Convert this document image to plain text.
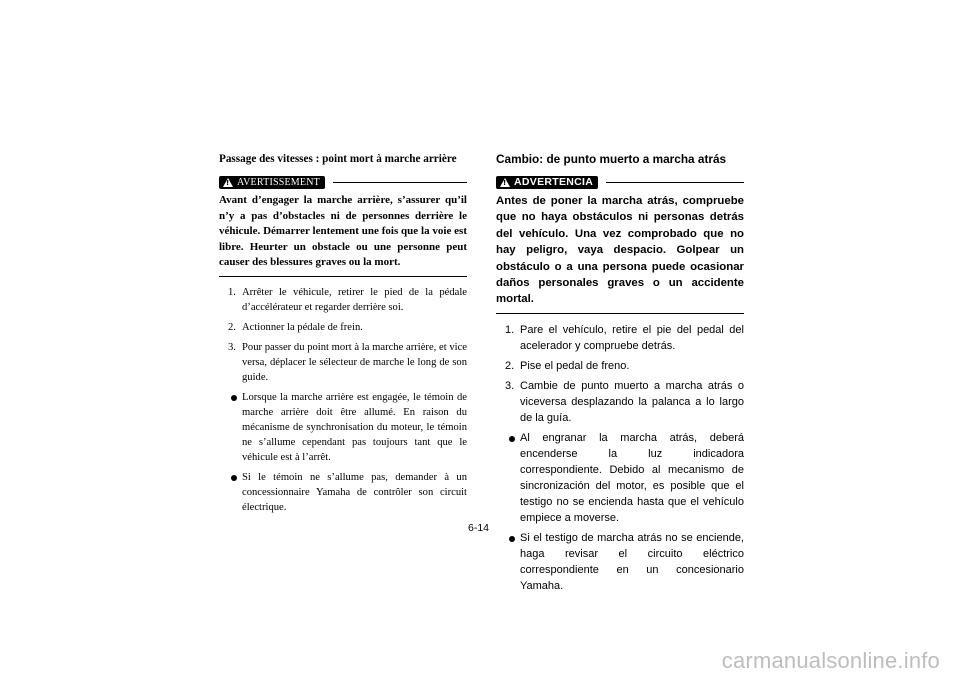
Passage des vitesses : point mort à marche arrière
!
AVERTISSEMENT
Avant d’engager la marche arrière, s’assurer qu’il n’y a pas d’obstacles ni de personnes derrière le véhicule. Démarrer lentement une fois que la voie est libre. Heurter un obstacle ou une personne peut causer des blessures graves ou la mort.
1. Arrêter le véhicule, retirer le pied de la pédale d’accélérateur et regarder derrière soi.
2. Actionner la pédale de frein.
3. Pour passer du point mort à la marche arrière, et vice versa, déplacer le sélecteur de marche le long de son guide.
Lorsque la marche arrière est engagée, le témoin de marche arrière doit être allumé. En raison du mécanisme de synchronisation du moteur, le témoin ne s’allume cependant pas toujours tant que le véhicule est à l’arrêt.
Si le témoin ne s’allume pas, demander à un concessionnaire Yamaha de contrôler son circuit électrique.
Cambio: de punto muerto a marcha atrás
!
ADVERTENCIA
Antes de poner la marcha atrás, compruebe que no haya obstáculos ni personas detrás del vehículo. Una vez comprobado que no hay peligro, vaya despacio. Golpear un obstáculo o a una persona puede ocasionar daños personales graves o un accidente mortal.
1. Pare el vehículo, retire el pie del pedal del acelerador y compruebe detrás.
2. Pise el pedal de freno.
3. Cambie de punto muerto a marcha atrás o viceversa desplazando la palanca a lo largo de la guía.
Al engranar la marcha atrás, deberá encenderse la luz indicadora correspondiente. Debido al mecanismo de sincronización del motor, es posible que el testigo no se encienda hasta que el vehículo empiece a moverse.
Si el testigo de marcha atrás no se enciende, haga revisar el circuito eléctrico correspondiente en un concesionario Yamaha.
6-14
carmanualsonline.info
